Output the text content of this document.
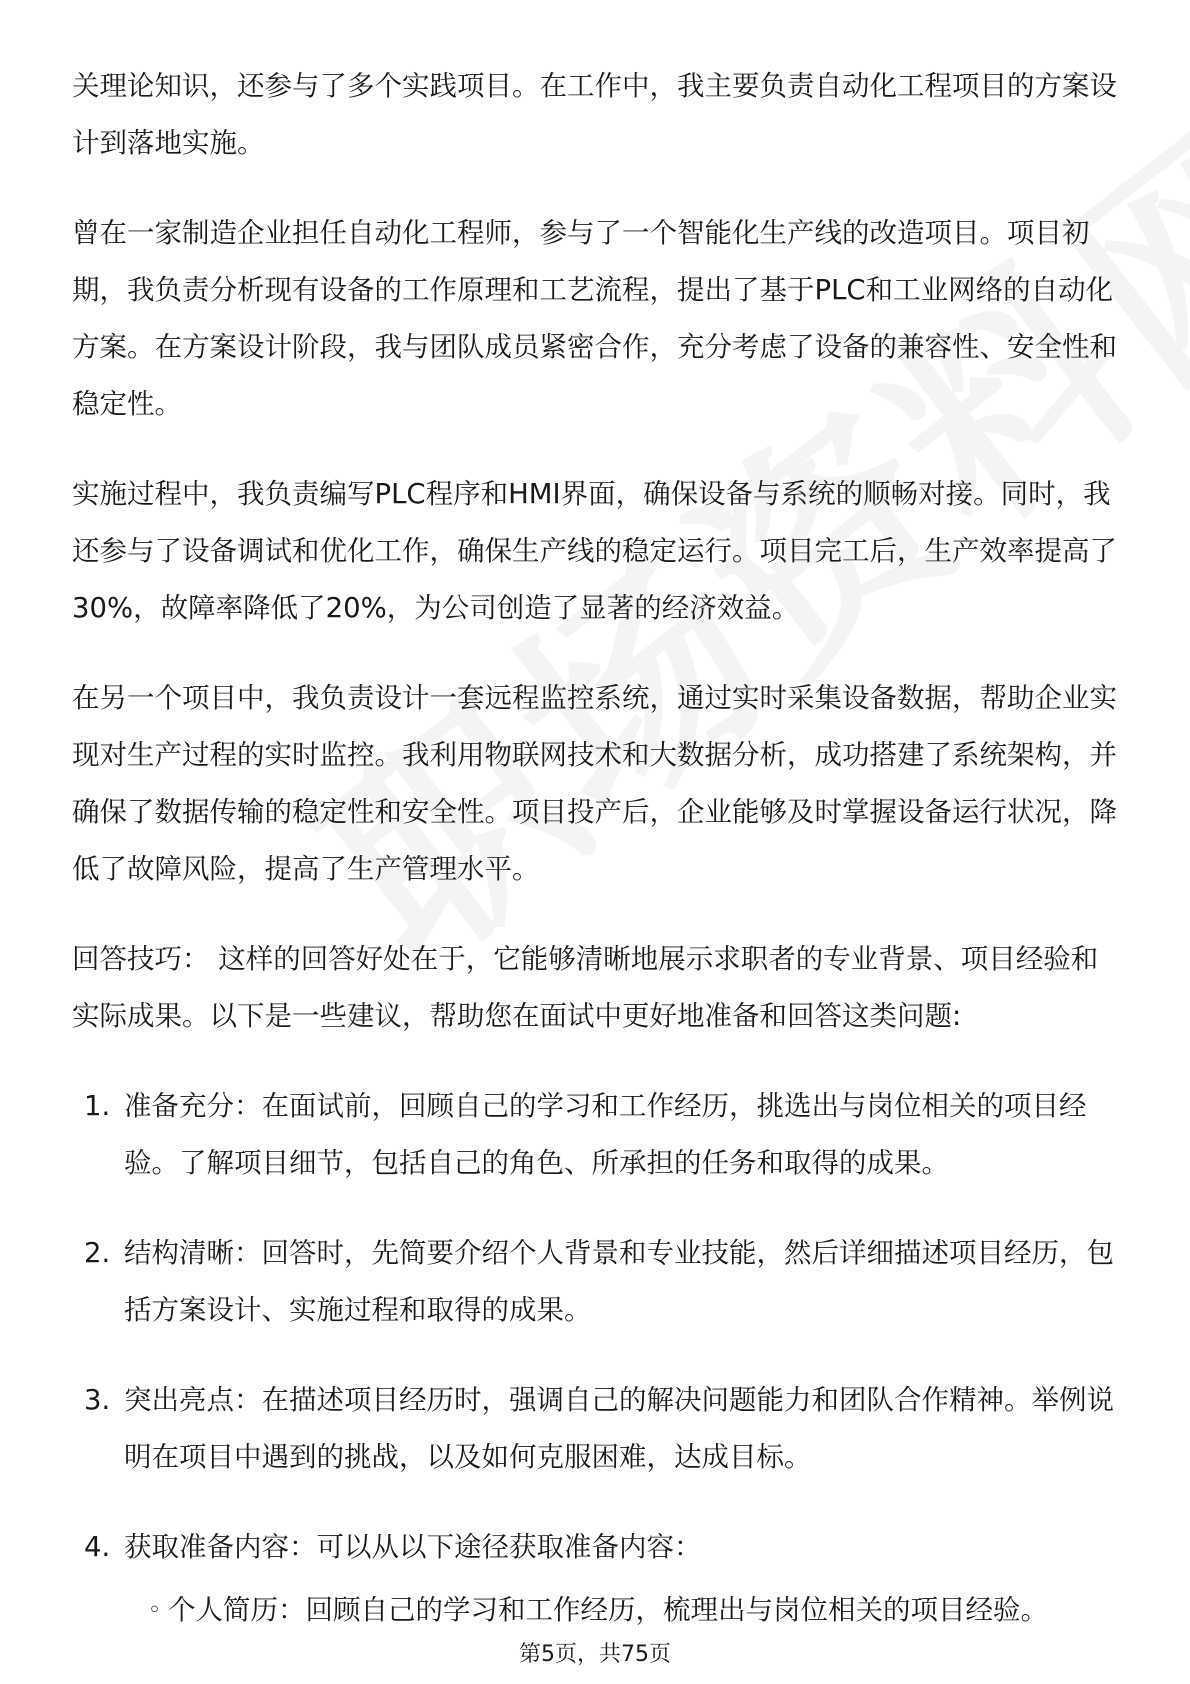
关理论知识，还参与了多个实践项目。在工作中，我主要负责自动化工程项目的方案设计到落地实施。

曾在一家制造企业担任自动化工程师，参与了一个智能化生产线的改造项目。项目初期，我负责分析现有设备的工作原理和工艺流程，提出了基于PLC和工业网络的自动化方案。在方案设计阶段，我与团队成员紧密合作，充分考虑了设备的兼容性、安全性和稳定性。

实施过程中，我负责编写PLC程序和HMI界面，确保设备与系统的顺畅对接。同时，我还参与了设备调试和优化工作，确保生产线的稳定运行。项目完工后，生产效率提高了30%，故障率降低了20%，为公司创造了显著的经济效益。

在另一个项目中，我负责设计一套远程监控系统，通过实时采集设备数据，帮助企业实现对生产过程的实时监控。我利用物联网技术和大数据分析，成功搭建了系统架构，并确保了数据传输的稳定性和安全性。项目投产后，企业能够及时掌握设备运行状况，降低了故障风险，提高了生产管理水平。

回答技巧： 这样的回答好处在于，它能够清晰地展示求职者的专业背景、项目经验和实际成果。以下是一些建议，帮助您在面试中更好地准备和回答这类问题:

1. 准备充分：在面试前，回顾自己的学习和工作经历，挑选出与岗位相关的项目经验。了解项目细节，包括自己的角色、所承担的任务和取得的成果。
2. 结构清晰：回答时，先简要介绍个人背景和专业技能，然后详细描述项目经历，包括方案设计、实施过程和取得的成果。
3. 突出亮点：在描述项目经历时，强调自己的解决问题能力和团队合作精神。举例说明在项目中遇到的挑战，以及如何克服困难，达成目标。
4. 获取准备内容：可以从以下途径获取准备内容：
◦ 个人简历：回顾自己的学习和工作经历，梳理出与岗位相关的项目经验。
第5页，共75页
